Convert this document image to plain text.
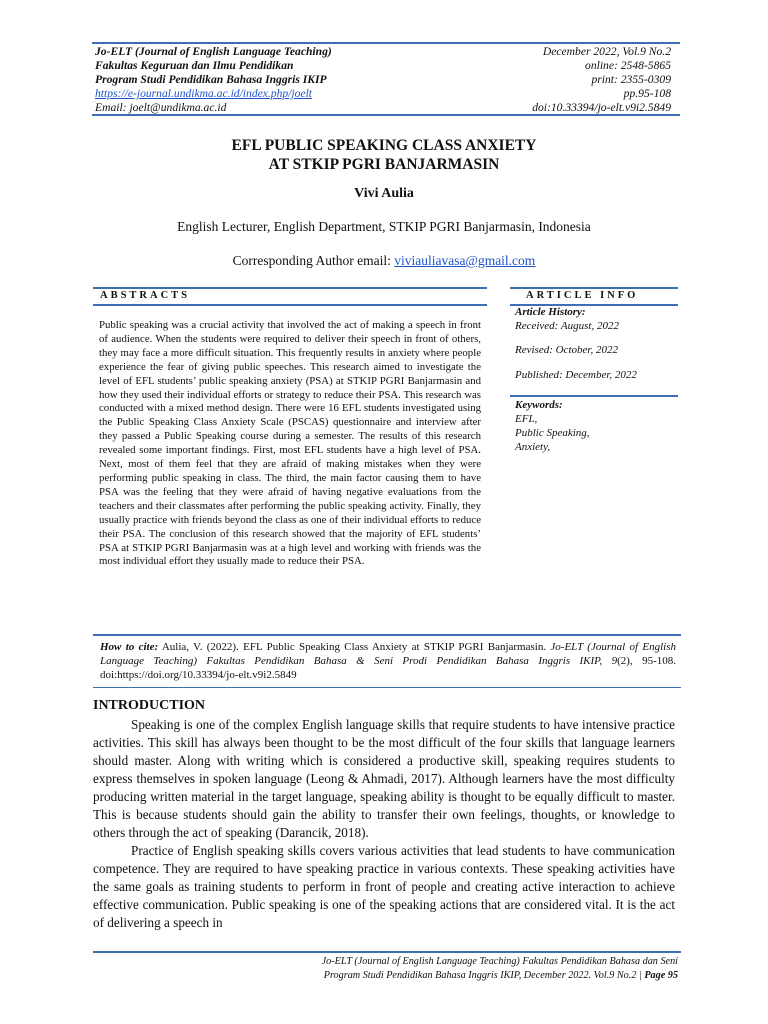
Jo-ELT (Journal of English Language Teaching)
Fakultas Keguruan dan Ilmu Pendidikan
Program Studi Pendidikan Bahasa Inggris IKIP
https://e-journal.undikma.ac.id/index.php/joelt
Email: joelt@undikma.ac.id
December 2022, Vol.9 No.2
online: 2548-5865
print: 2355-0309
pp.95-108
doi:10.33394/jo-elt.v9i2.5849
EFL PUBLIC SPEAKING CLASS ANXIETY
AT STKIP PGRI BANJARMASIN
Vivi Aulia
English Lecturer, English Department, STKIP PGRI Banjarmasin, Indonesia
Corresponding Author email: viviauliavasa@gmail.com
ABSTRACTS
Public speaking was a crucial activity that involved the act of making a speech in front of audience. When the students were required to deliver their speech in front of others, they may face a more difficult situation. This frequently results in anxiety where people experience the fear of giving public speeches. This research aimed to investigate the level of EFL students’ public speaking anxiety (PSA) at STKIP PGRI Banjarmasin and how they used their individual efforts or strategy to reduce their PSA. This research was conducted with a mixed method design. There were 16 EFL students investigated using the Public Speaking Class Anxiety Scale (PSCAS) questionnaire and interview after they passed a Public Speaking course during a semester. The results of this research revealed some important findings. First, most EFL students have a high level of PSA. Next, most of them feel that they are afraid of making mistakes when they were performing public speaking in class. The third, the main factor causing them to have PSA was the feeling that they were afraid of having negative evaluations from the teachers and their classmates after performing the public speaking activity. Finally, they usually practice with friends beyond the class as one of their individual efforts to reduce their PSA. The conclusion of this research showed that the majority of EFL students’ PSA at STKIP PGRI Banjarmasin was at a high level and working with friends was the most individual effort they usually made to reduce their PSA.
ARTICLE INFO
Article History:
Received: August, 2022
Revised: October, 2022
Published: December, 2022
Keywords:
EFL,
Public Speaking,
Anxiety,
How to cite: Aulia, V. (2022). EFL Public Speaking Class Anxiety at STKIP PGRI Banjarmasin. Jo-ELT (Journal of English Language Teaching) Fakultas Pendidikan Bahasa & Seni Prodi Pendidikan Bahasa Inggris IKIP, 9(2), 95-108. doi:https://doi.org/10.33394/jo-elt.v9i2.5849
INTRODUCTION

Speaking is one of the complex English language skills that require students to have intensive practice activities. This skill has always been thought to be the most difficult of the four skills that language learners should master. Along with writing which is considered a productive skill, speaking requires students to express themselves in spoken language (Leong & Ahmadi, 2017). Although learners have the most difficulty producing written material in the target language, speaking ability is thought to be equally difficult to master. This is because students should gain the ability to transfer their own feelings, thoughts, or knowledge to others through the act of speaking (Darancik, 2018).

Practice of English speaking skills covers various activities that lead students to have communication competence. They are required to have speaking practice in various contexts. These speaking activities have the same goals as training students to perform in front of people and creating active interaction to achieve effective communication. Public speaking is one of the speaking actions that are considered vital. It is the act of delivering a speech in

Jo-ELT (Journal of English Language Teaching) Fakultas Pendidikan Bahasa dan Seni
Program Studi Pendidikan Bahasa Inggris IKIP, December 2022. Vol.9 No.2 | Page 95
